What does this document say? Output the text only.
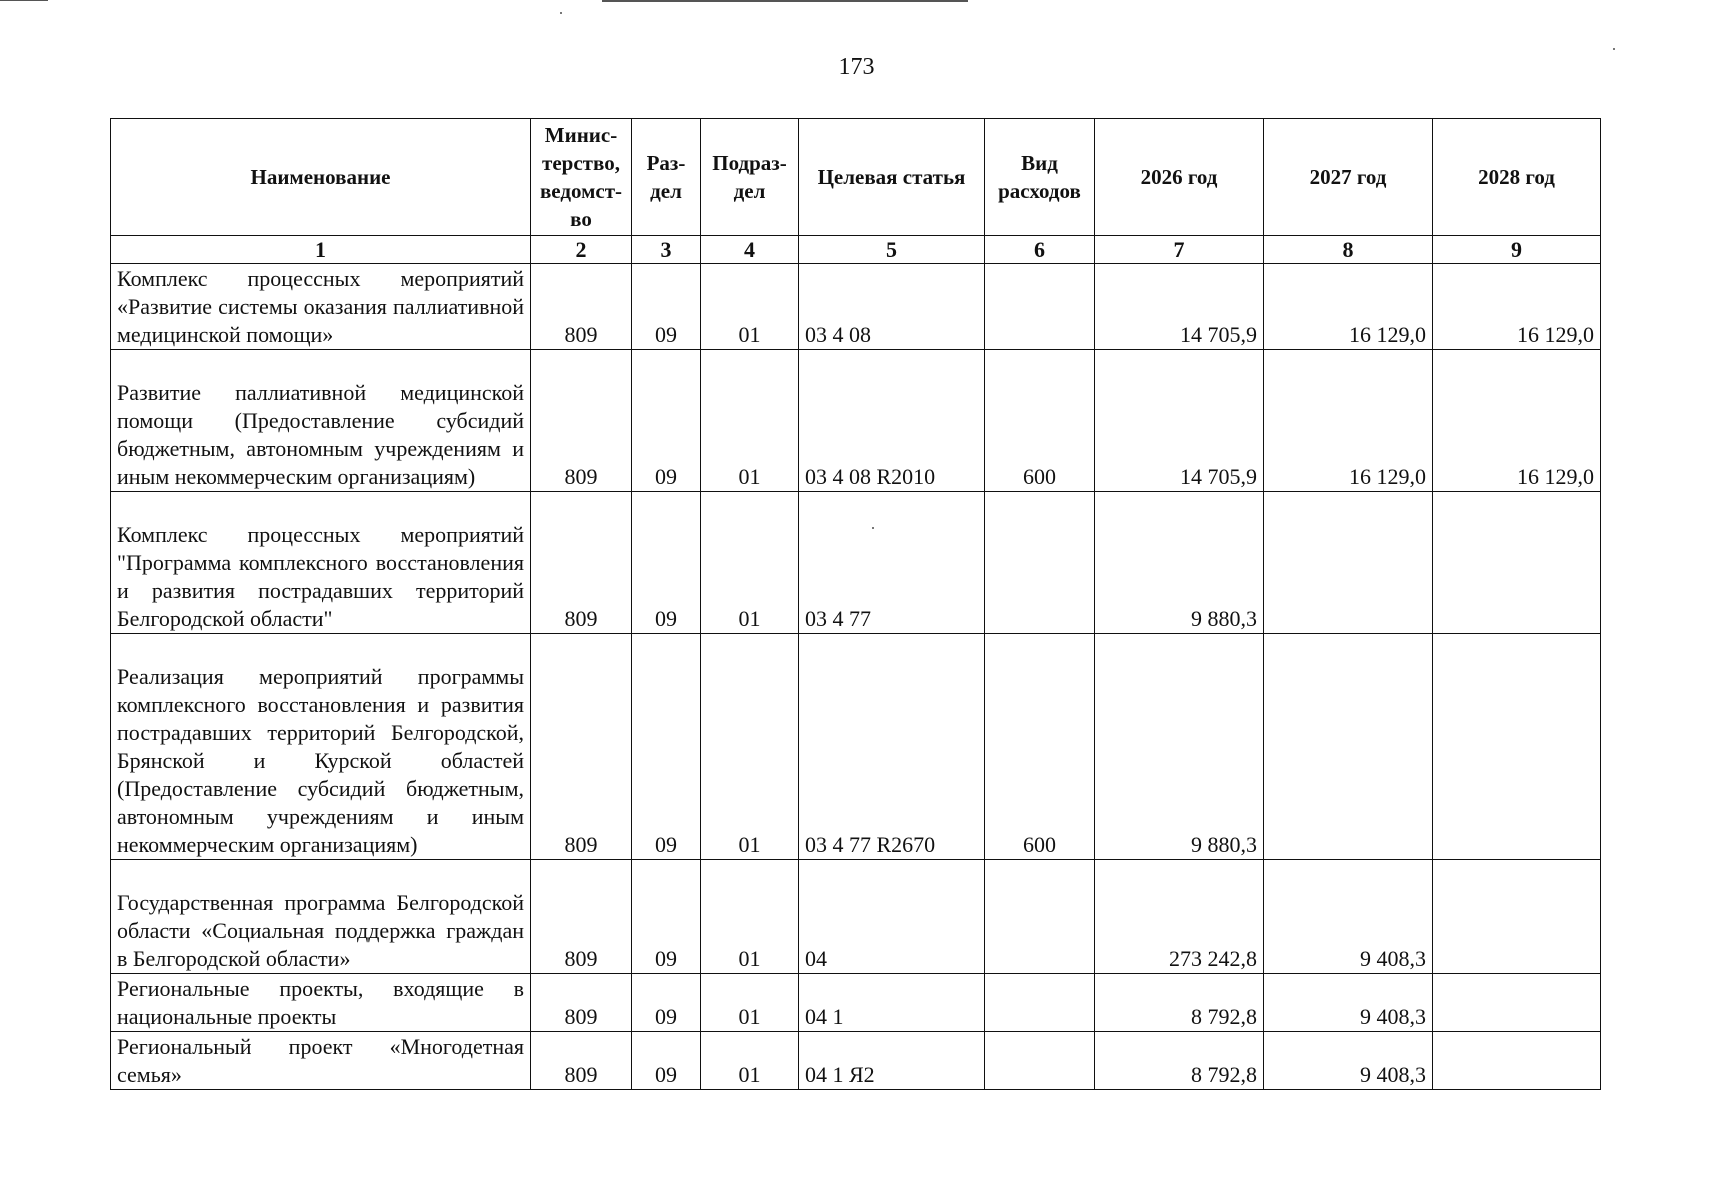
173
Наименование	Минис-терство, ведомст-во	Раз-дел	Подраз-дел	Целевая статья	Вид расходов	2026 год	2027 год	2028 год
1	2	3	4	5	6	7	8	9
Комплекс процессных мероприятий «Развитие системы оказания паллиативной медицинской помощи»	809	09	01	03 4 08		14 705,9	16 129,0	16 129,0
Развитие паллиативной медицинской помощи (Предоставление субсидий бюджетным, автономным учреждениям и иным некоммерческим организациям)	809	09	01	03 4 08 R2010	600	14 705,9	16 129,0	16 129,0
Комплекс процессных мероприятий "Программа комплексного восстановления и развития пострадавших территорий Белгородской области"	809	09	01	03 4 77		9 880,3		
Реализация мероприятий программы комплексного восстановления и развития пострадавших территорий Белгородской, Брянской и Курской областей (Предоставление субсидий бюджетным, автономным учреждениям и иным некоммерческим организациям)	809	09	01	03 4 77 R2670	600	9 880,3		
Государственная программа Белгородской области «Социальная поддержка граждан в Белгородской области»	809	09	01	04		273 242,8	9 408,3	
Региональные проекты, входящие в национальные проекты	809	09	01	04 1		8 792,8	9 408,3	
Региональный проект «Многодетная семья»	809	09	01	04 1 Я2		8 792,8	9 408,3	
